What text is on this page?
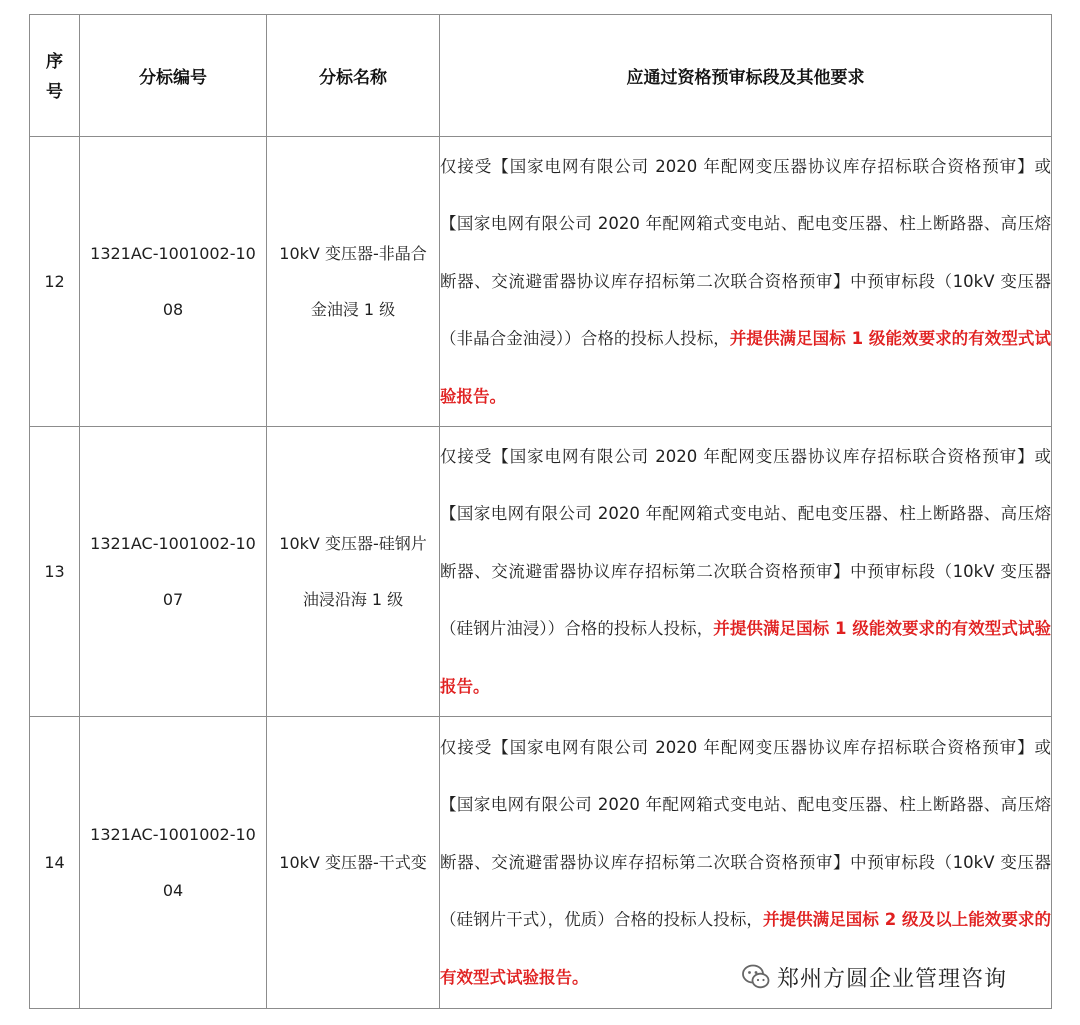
序
号	分标编号	分标名称	应通过资格预审标段及其他要求

12	1321AC-1001002-1008	10kV 变压器-非晶合金油浸 1 级	仅接受【国家电网有限公司 2020 年配网变压器协议库存招标联合资格预审】或【国家电网有限公司 2020 年配网箱式变电站、配电变压器、柱上断路器、高压熔断器、交流避雷器协议库存招标第二次联合资格预审】中预审标段（10kV 变压器（非晶合金油浸））合格的投标人投标，并提供满足国标 1 级能效要求的有效型式试验报告。

13	1321AC-1001002-1007	10kV 变压器-硅钢片油浸沿海 1 级	仅接受【国家电网有限公司 2020 年配网变压器协议库存招标联合资格预审】或【国家电网有限公司 2020 年配网箱式变电站、配电变压器、柱上断路器、高压熔断器、交流避雷器协议库存招标第二次联合资格预审】中预审标段（10kV 变压器（硅钢片油浸））合格的投标人投标，并提供满足国标 1 级能效要求的有效型式试验报告。

14	1321AC-1001002-1004	10kV 变压器-干式变	仅接受【国家电网有限公司 2020 年配网变压器协议库存招标联合资格预审】或【国家电网有限公司 2020 年配网箱式变电站、配电变压器、柱上断路器、高压熔断器、交流避雷器协议库存招标第二次联合资格预审】中预审标段（10kV 变压器（硅钢片干式），优质）合格的投标人投标，并提供满足国标 2 级及以上能效要求的有效型式试验报告。	郑州方圆企业管理咨询
